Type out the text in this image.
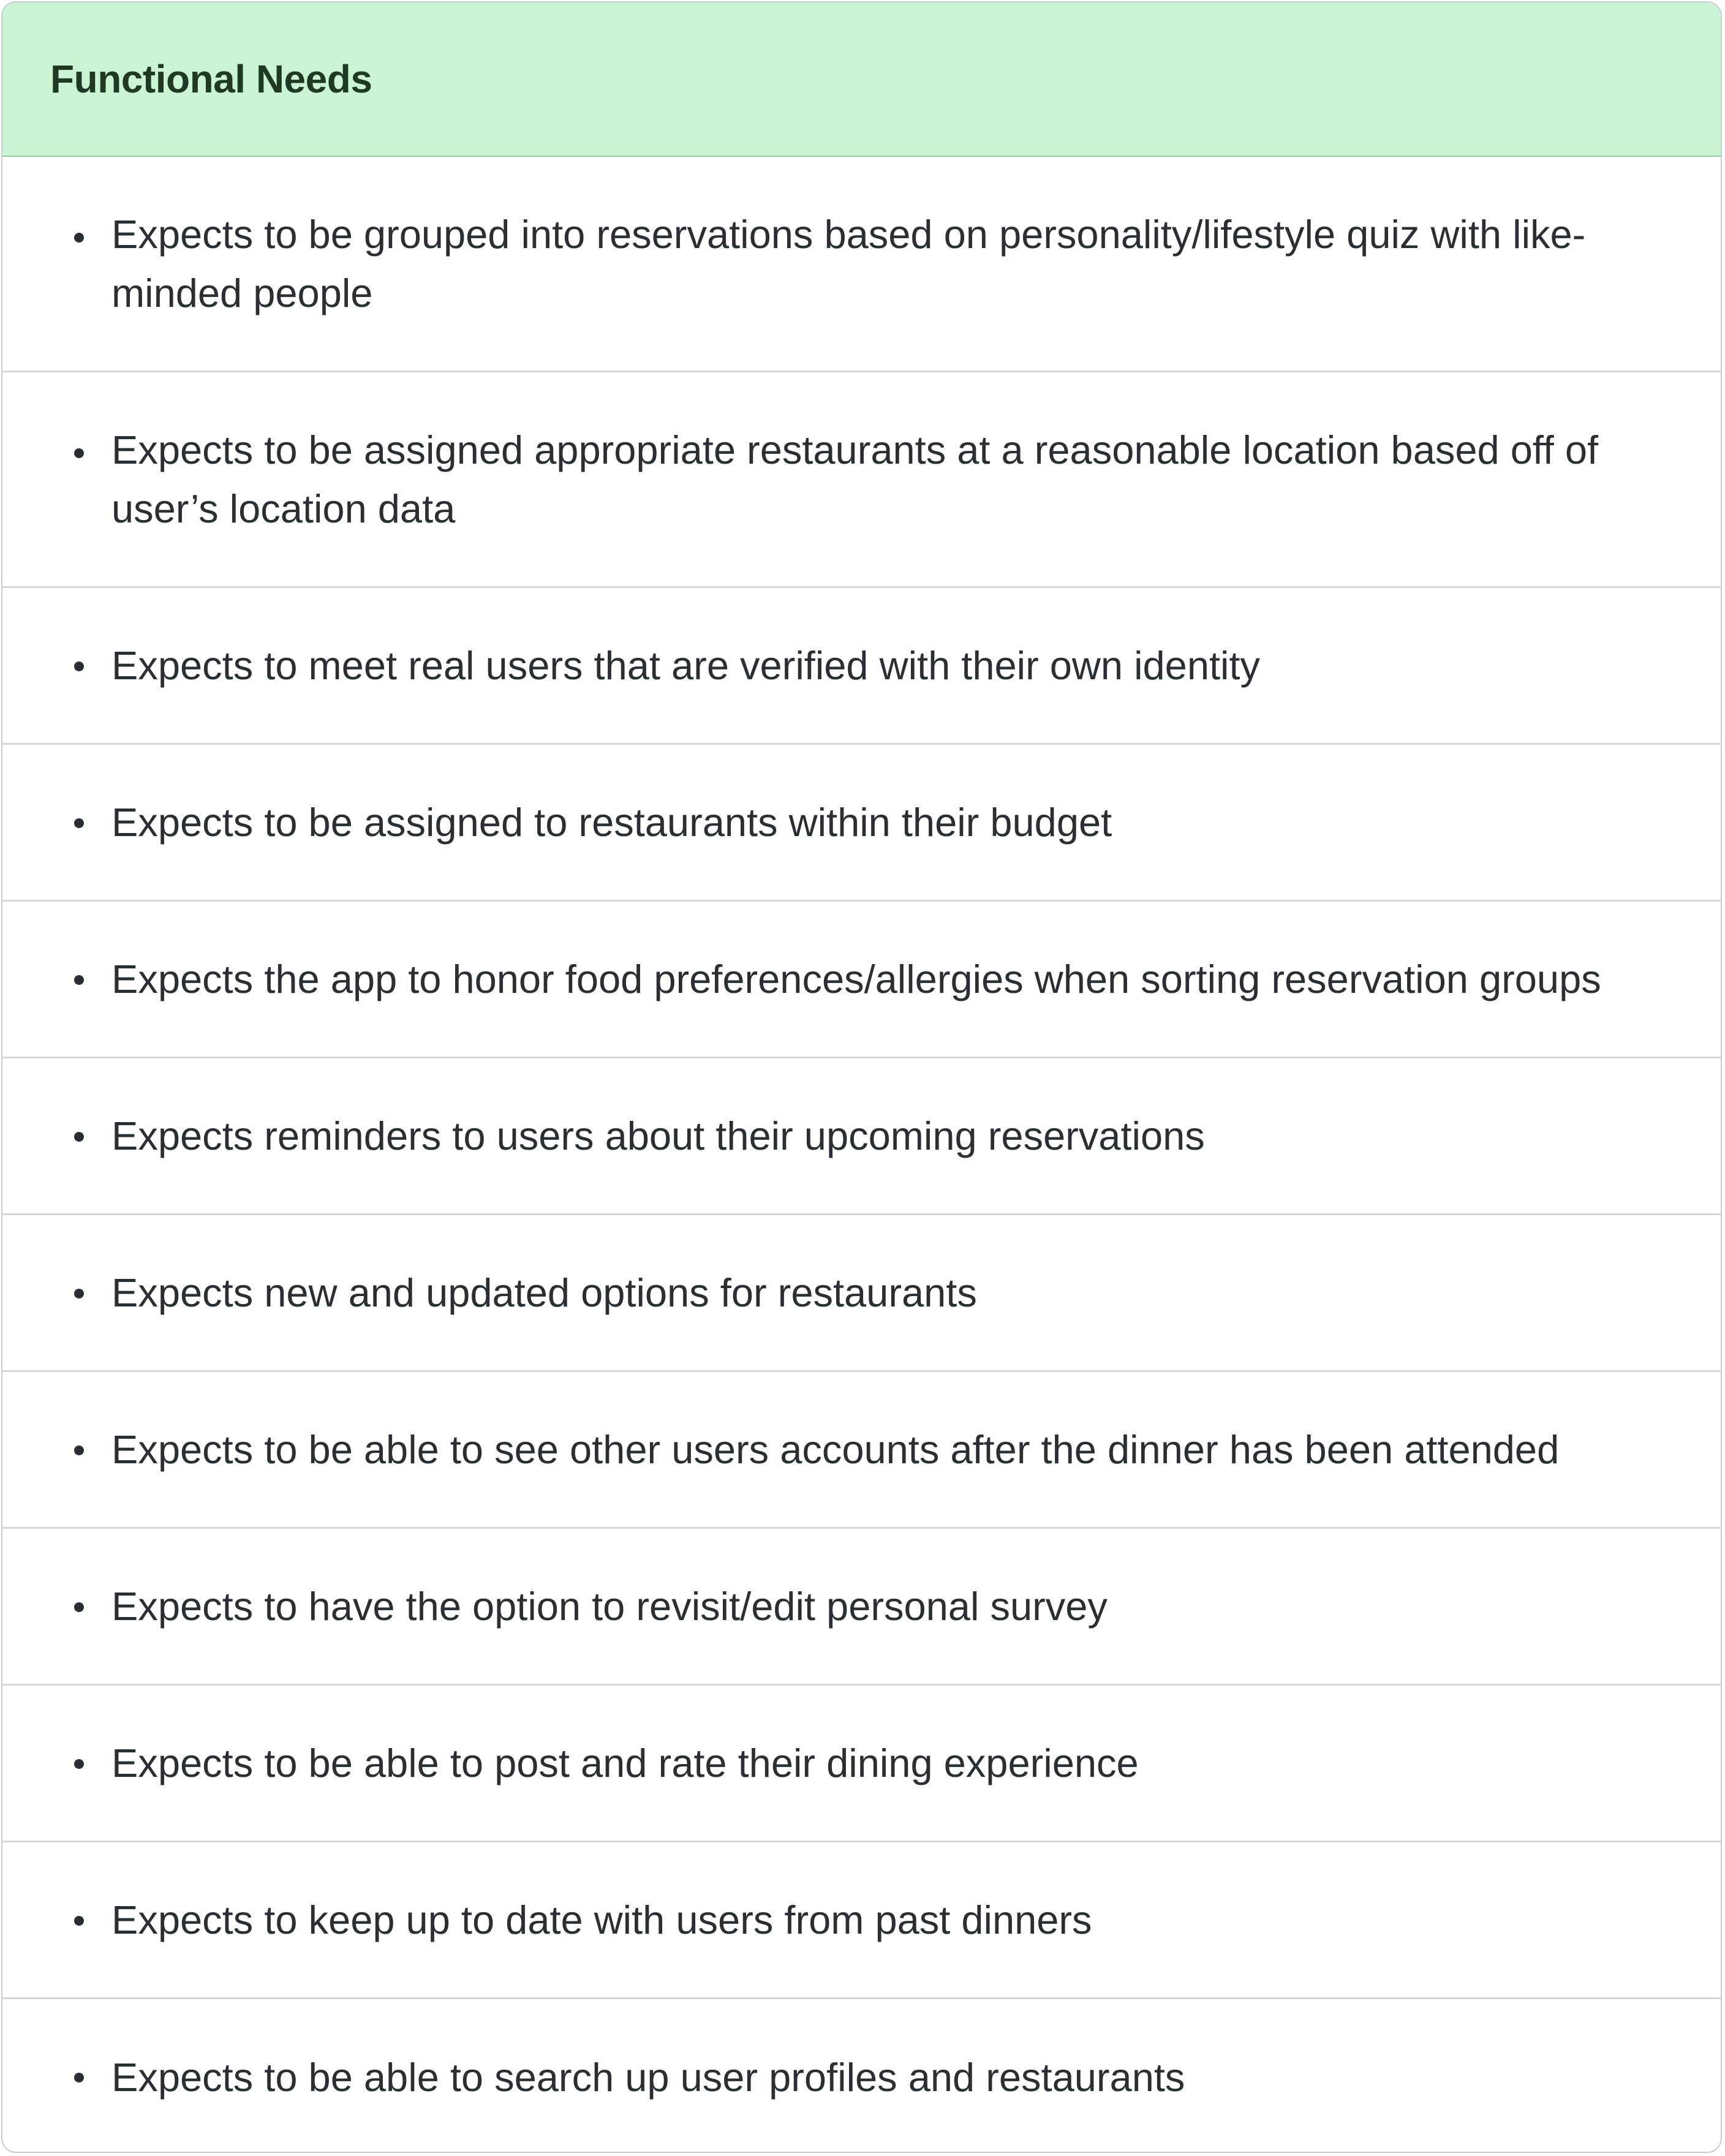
Functional Needs
Expects to be grouped into reservations based on personality/lifestyle quiz with like-minded people
Expects to be assigned appropriate restaurants at a reasonable location based off of user’s location data
Expects to meet real users that are verified with their own identity
Expects to be assigned to restaurants within their budget
Expects the app to honor food preferences/allergies when sorting reservation groups
Expects reminders to users about their upcoming reservations
Expects new and updated options for restaurants
Expects to be able to see other users accounts after the dinner has been attended
Expects to have the option to revisit/edit personal survey
Expects to be able to post and rate their dining experience
Expects to keep up to date with users from past dinners
Expects to be able to search up user profiles and restaurants
